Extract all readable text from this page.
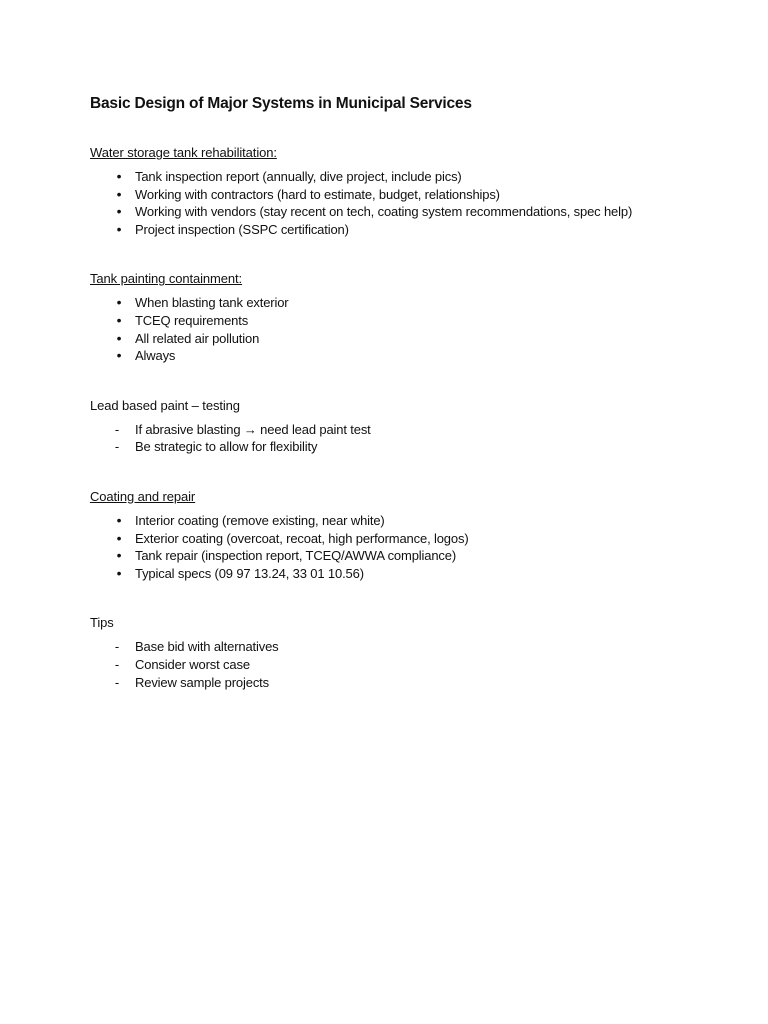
Basic Design of Major Systems in Municipal Services

Water storage tank rehabilitation:

•	Tank inspection report (annually, dive project, include pics)
•	Working with contractors (hard to estimate, budget, relationships)
•	Working with vendors (stay recent on tech, coating system recommendations, spec help)
•	Project inspection (SSPC certification)

Tank painting containment:

•	When blasting tank exterior
•	TCEQ requirements
•	All related air pollution
•	Always

Lead based paint – testing

-	If abrasive blasting → need lead paint test
-	Be strategic to allow for flexibility

Coating and repair

•	Interior coating (remove existing, near white)
•	Exterior coating (overcoat, recoat, high performance, logos)
•	Tank repair (inspection report, TCEQ/AWWA compliance)
•	Typical specs (09 97 13.24, 33 01 10.56)

Tips

-	Base bid with alternatives
-	Consider worst case
-	Review sample projects
